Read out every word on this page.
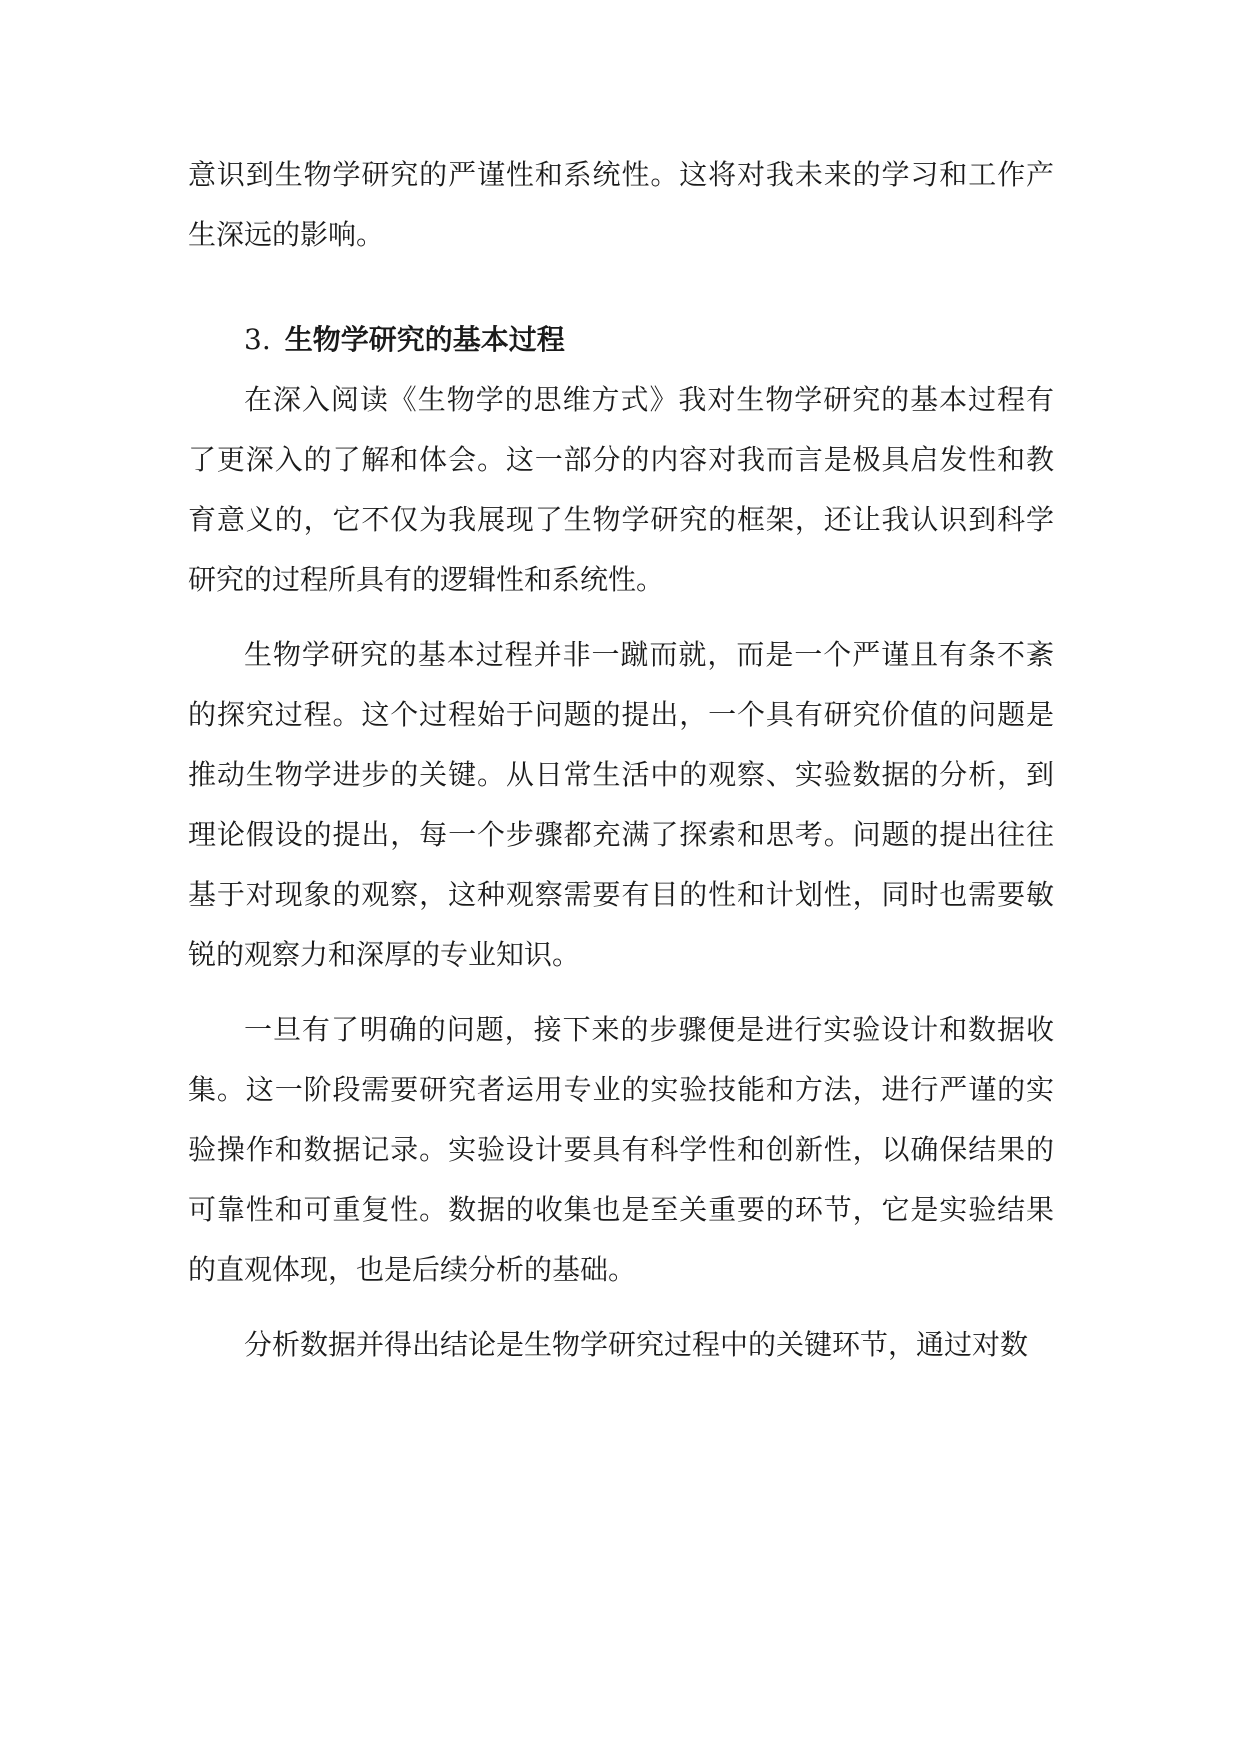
意识到生物学研究的严谨性和系统性。这将对我未来的学习和工作产生深远的影响。

3. 生物学研究的基本过程

在深入阅读《生物学的思维方式》我对生物学研究的基本过程有了更深入的了解和体会。这一部分的内容对我而言是极具启发性和教育意义的，它不仅为我展现了生物学研究的框架，还让我认识到科学研究的过程所具有的逻辑性和系统性。

生物学研究的基本过程并非一蹴而就，而是一个严谨且有条不紊的探究过程。这个过程始于问题的提出，一个具有研究价值的问题是推动生物学进步的关键。从日常生活中的观察、实验数据的分析，到理论假设的提出，每一个步骤都充满了探索和思考。问题的提出往往基于对现象的观察，这种观察需要有目的性和计划性，同时也需要敏锐的观察力和深厚的专业知识。

一旦有了明确的问题，接下来的步骤便是进行实验设计和数据收集。这一阶段需要研究者运用专业的实验技能和方法，进行严谨的实验操作和数据记录。实验设计要具有科学性和创新性，以确保结果的可靠性和可重复性。数据的收集也是至关重要的环节，它是实验结果的直观体现，也是后续分析的基础。

分析数据并得出结论是生物学研究过程中的关键环节，通过对数
